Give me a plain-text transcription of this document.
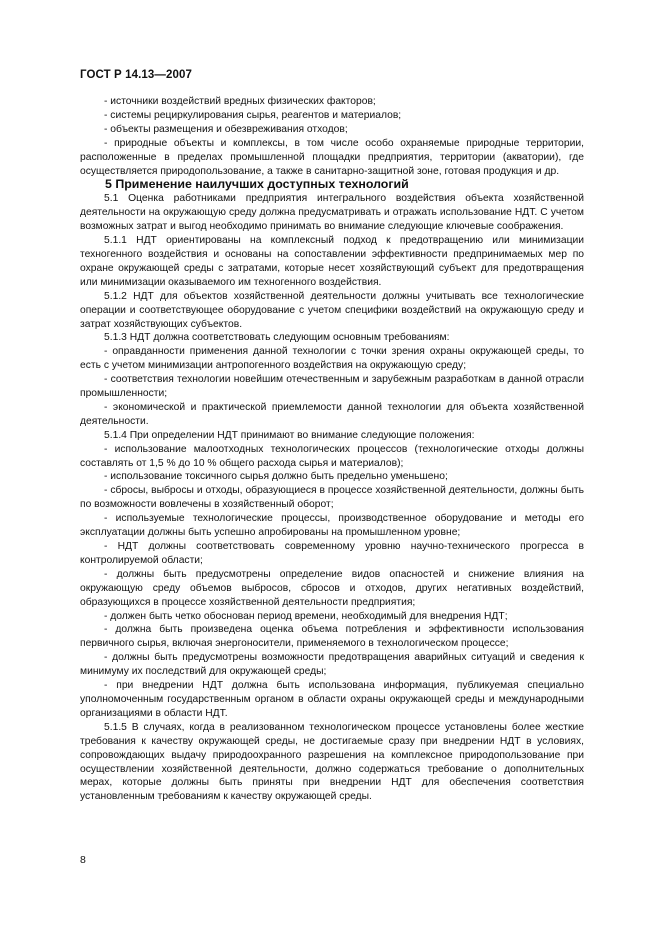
ГОСТ Р 14.13—2007

- источники воздействий вредных физических факторов;

- системы рециркулирования сырья, реагентов и материалов;

- объекты размещения и обезвреживания отходов;

- природные объекты и комплексы, в том числе особо охраняемые природные территории, расположенные в пределах промышленной площадки предприятия, территории (акватории), где осуществляется природопользование, а также в санитарно-защитной зоне, готовая продукция и др.

5 Применение наилучших доступных технологий

5.1 Оценка работниками предприятия интегрального воздействия объекта хозяйственной деятельности на окружающую среду должна предусматривать и отражать использование НДТ. С учетом возможных затрат и выгод необходимо принимать во внимание следующие ключевые соображения.

5.1.1 НДТ ориентированы на комплексный подход к предотвращению или минимизации техногенного воздействия и основаны на сопоставлении эффективности предпринимаемых мер по охране окружающей среды с затратами, которые несет хозяйствующий субъект для предотвращения или минимизации оказываемого им техногенного воздействия.

5.1.2 НДТ для объектов хозяйственной деятельности должны учитывать все технологические операции и соответствующее оборудование с учетом специфики воздействий на окружающую среду и затрат хозяйствующих субъектов.

5.1.3 НДТ должна соответствовать следующим основным требованиям:

- оправданности применения данной технологии с точки зрения охраны окружающей среды, то есть с учетом минимизации антропогенного воздействия на окружающую среду;

- соответствия технологии новейшим отечественным и зарубежным разработкам в данной отрасли промышленности;

- экономической и практической приемлемости данной технологии для объекта хозяйственной деятельности.

5.1.4 При определении НДТ принимают во внимание следующие положения:

- использование малоотходных технологических процессов (технологические отходы должны составлять от 1,5 % до 10 % общего расхода сырья и материалов);

- использование токсичного сырья должно быть предельно уменьшено;

- сбросы, выбросы и отходы, образующиеся в процессе хозяйственной деятельности, должны быть по возможности вовлечены в хозяйственный оборот;

- используемые технологические процессы, производственное оборудование и методы его эксплуатации должны быть успешно апробированы на промышленном уровне;

- НДТ должны соответствовать современному уровню научно-технического прогресса в контролируемой области;

- должны быть предусмотрены определение видов опасностей и снижение влияния на окружающую среду объемов выбросов, сбросов и отходов, других негативных воздействий, образующихся в процессе хозяйственной деятельности предприятия;

- должен быть четко обоснован период времени, необходимый для внедрения НДТ;

- должна быть произведена оценка объема потребления и эффективности использования первичного сырья, включая энергоносители, применяемого в технологическом процессе;

- должны быть предусмотрены возможности предотвращения аварийных ситуаций и сведения к минимуму их последствий для окружающей среды;

- при внедрении НДТ должна быть использована информация, публикуемая специально уполномоченным государственным органом в области охраны окружающей среды и международными организациями в области НДТ.

5.1.5 В случаях, когда в реализованном технологическом процессе установлены более жесткие требования к качеству окружающей среды, не достигаемые сразу при внедрении НДТ в условиях, сопровождающих выдачу природоохранного разрешения на комплексное природопользование при осуществлении хозяйственной деятельности, должно содержаться требование о дополнительных мерах, которые должны быть приняты при внедрении НДТ для обеспечения соответствия установленным требованиям к качеству окружающей среды.

8
